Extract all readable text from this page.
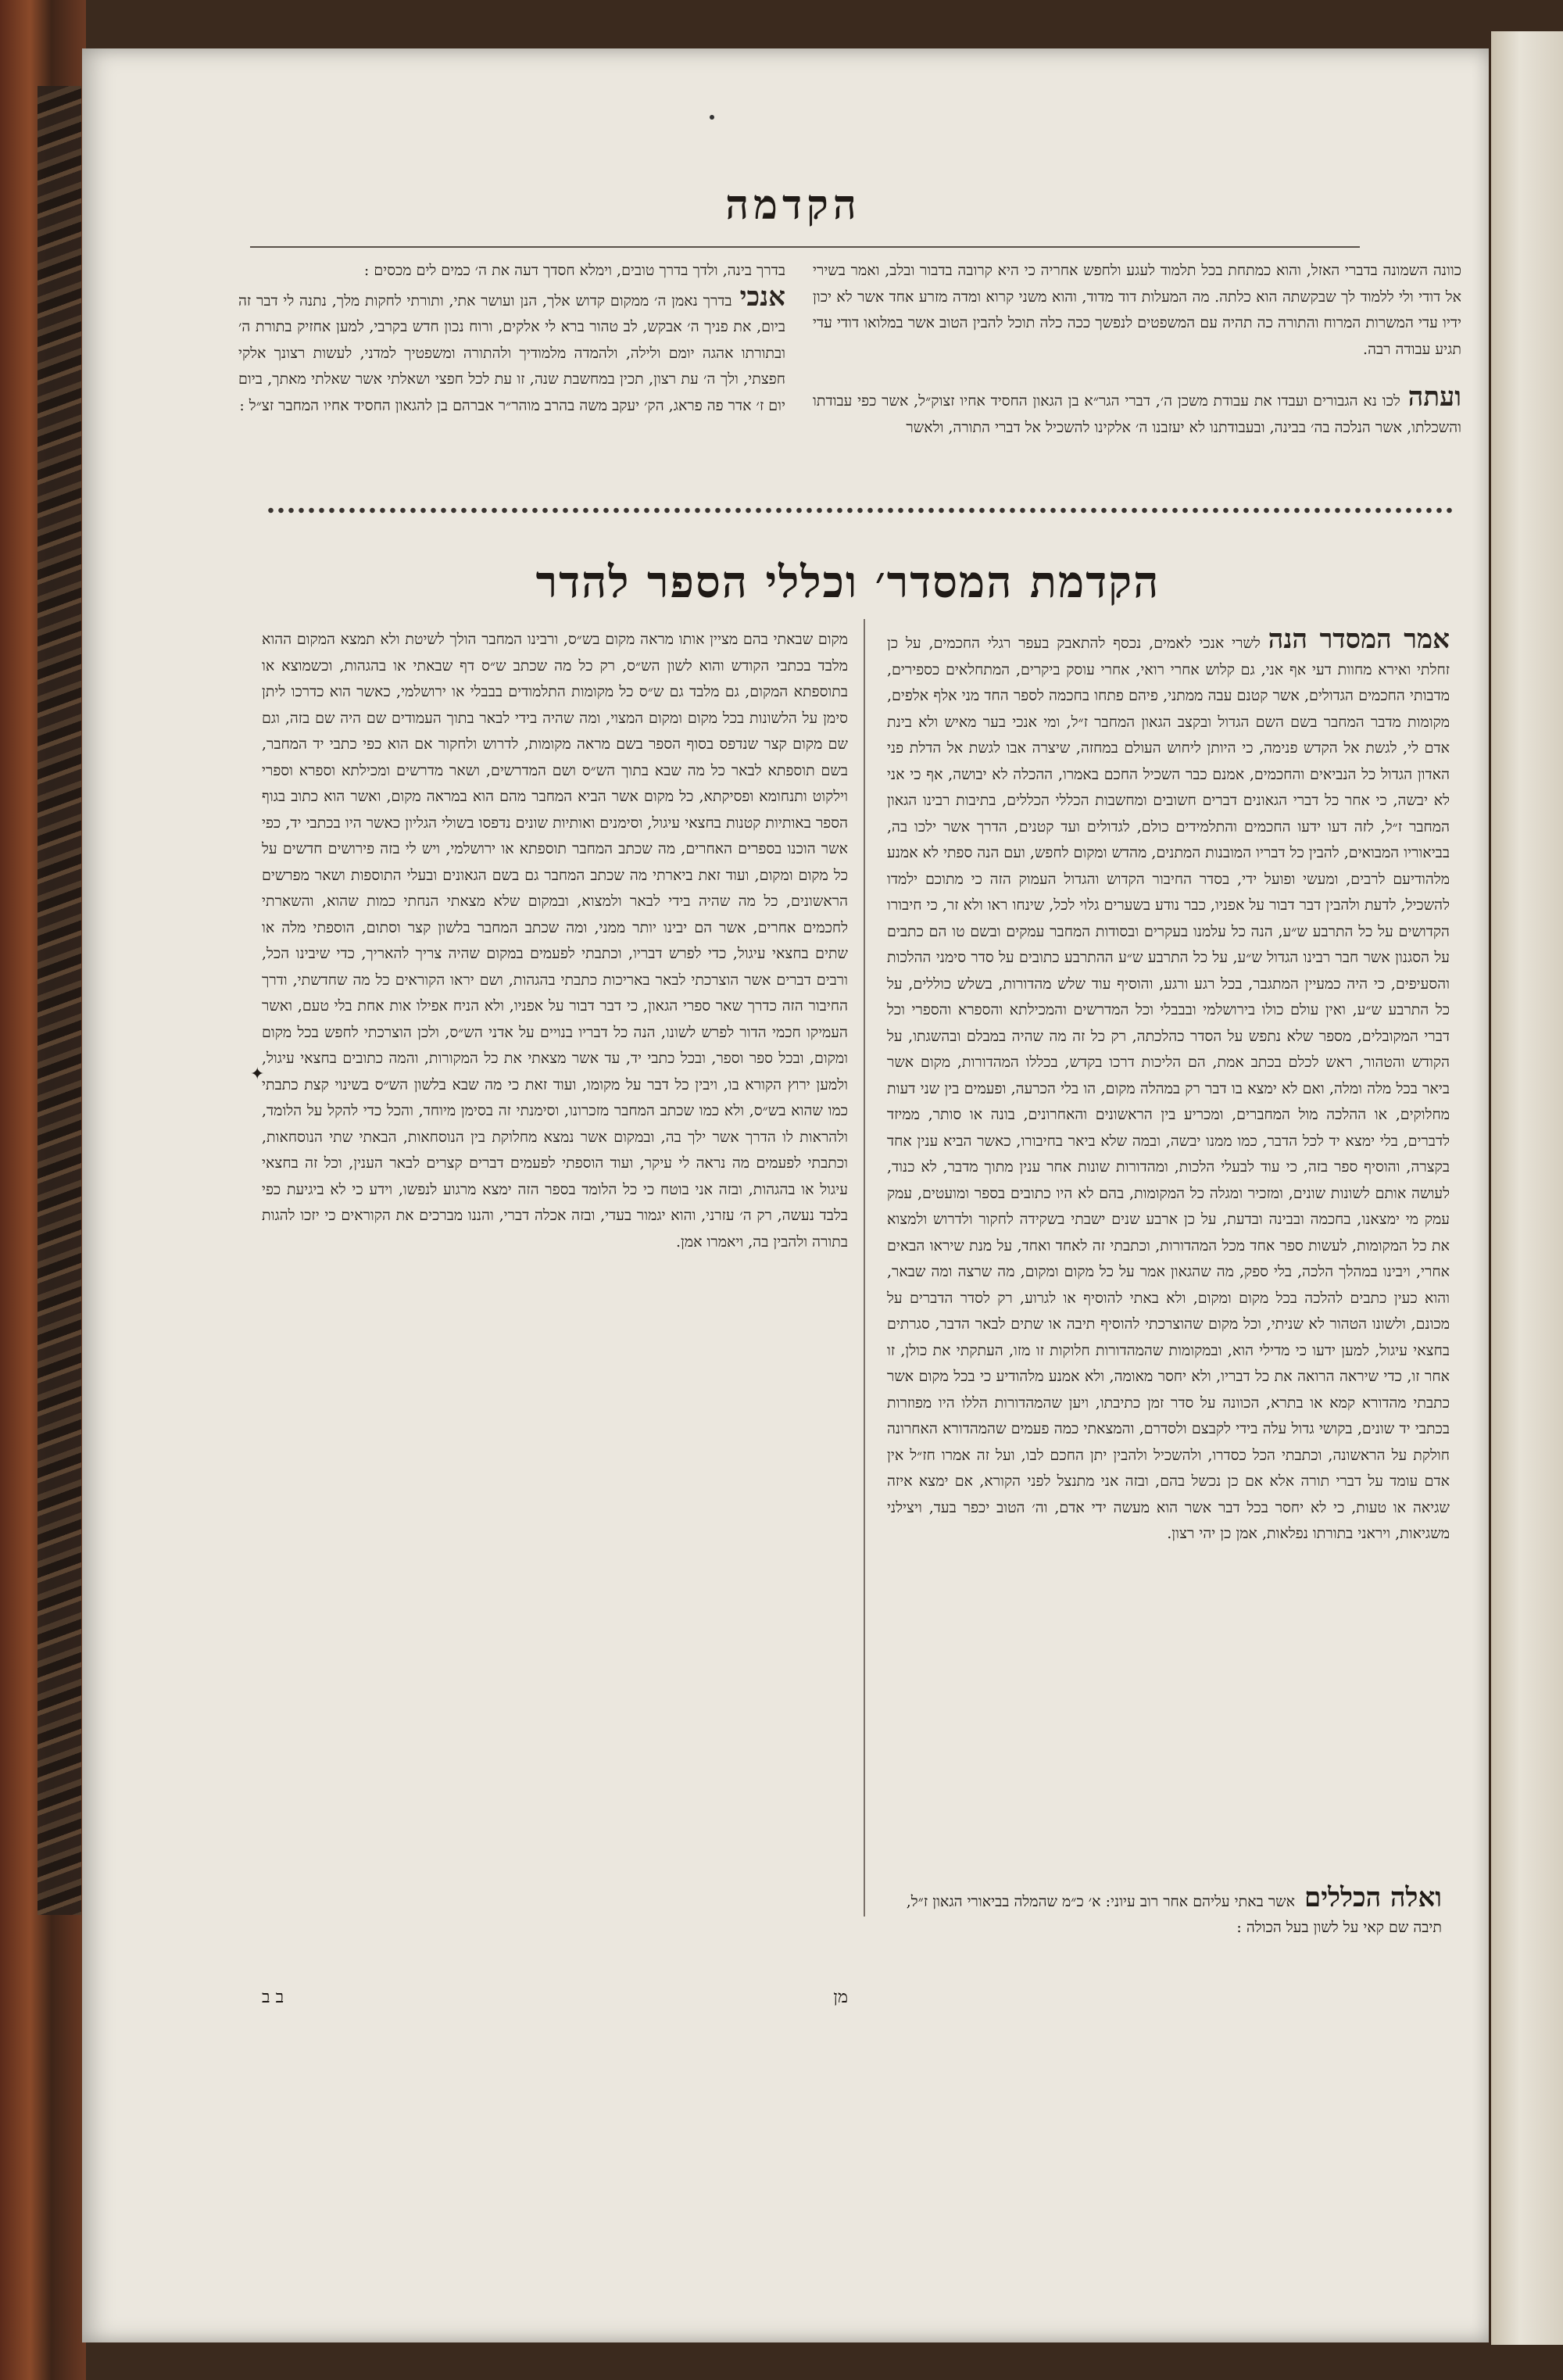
הקדמה

כוונה השמונה בדברי האזל, והוא כמתחת בכל תלמוד לעגע ולחפש אחריה כי היא קרובה בדבור ובלב, ואמר בשירי אל דודי ולי ללמוד לך שבקשתה הוא כלתה. מה המעלות דוד מדוד, והוא משני קרוא ומדה מזרע אחד אשר לא יכון ידיו עדי המשרות המרוח והתורה כה תהיה עם המשפטים לנפשך ככה כלה תוכל להבין הטוב אשר במלואו דודי עדי תגיע עבודה רבה.

ועתהלכו נא הגבורים ועבדו את עבודת משכן ה׳, דברי הגר״א בן הגאון החסיד אחיו זצוק״ל, אשר כפי עבודתו והשכלתו, אשר הנלכה בה׳ בבינה, ובעבודתנו לא יעזבנו ה׳ אלקינו להשכיל אל דברי התורה, ולאשר

בדרך בינה, ולדך בדרך טובים, וימלא חסדך דעה את ה׳ כמים לים מכסים :

אנכיבדרך נאמן ה׳ ממקום קדוש אלך, הנן ועושר אתי, ותורתי לחקות מלך, נתנה לי דבר זה ביום, את פניך ה׳ אבקש, לב טהור ברא לי אלקים, ורוח נכון חדש בקרבי, למען אחזיק בתורת ה׳ ובתורתו אהגה יומם ולילה, ולהמדה מלמודיך ולהתורה ומשפטיך למדני, לעשות רצונך אלקי חפצתי, ולך ה׳ עת רצון, תכין במחשבת שנה, זו עת לכל חפצי ושאלתי אשר שאלתי מאתך, ביום יום ז׳ אדר פה פראג, הק׳ יעקב משה בהרב מוהר״ר אברהם בן להגאון החסיד אחיו המחבר זצ״ל :

הקדמת המסדר׳ וכללי הספר להדר

אמר המסדר הנהלשרי אנכי לאמים, נכסף להתאבק בעפר רגלי החכמים, על כן זחלתי ואירא מחוות דעי אף אני, גם קלוש אחרי רואי, אחרי עוסק ביקרים, המתחלאים כספירים, מדבותי החכמים הגדולים, אשר קטנם עבה ממתני, פיהם פתחו בחכמה לספר החד מני אלף אלפים, מקומות מדבר המחבר בשם השם הגדול ובקצב הגאון המחבר ז״ל, ומי אנכי בער מאיש ולא בינת אדם לי, לגשת אל הקדש פנימה, כי היותן ליחוש העולם במחזה, שיצרה אבו לגשת אל הדלת פני האדון הגדול כל הנביאים והחכמים, אמנם כבר השכיל החכם באמרו, ההכלה לא יבושה, אף כי אני לא יבשה, כי אחר כל דברי הגאונים דברים חשובים ומחשבות הכללי הכללים, בתיבות רבינו הגאון המחבר ז״ל, לזה דעו ידעו החכמים והתלמידים כולם, לגדולים ועד קטנים, הדרך אשר ילכו בה, בביאוריו המבואים, להבין כל דבריו המובנות המתנים, מהדש ומקום לחפש, ועם הנה ספתי לא אמנע מלהודיעם לרבים, ומעשי ופועל ידי, בסדר החיבור הקדוש והגדול העמוק הזה כי מתוכם ילמדו להשכיל, לדעת ולהבין דבר דבור על אפניו, כבר נודע בשערים גלוי לכל, שינחו ראו ולא זר, כי חיבורו הקדושים על כל התרבע ש״ע, הנה כל עלמנו בעקרים ובסודות המחבר עמקים ובשם טו הם כתבים על הסגנון אשר חבר רבינו הגדול ש״ע, על כל התרבע ש״ע ההתרבע כתובים על סדר סימני ההלכות והסעיפים, כי היה כמעיין המתגבר, בכל רגע ורגע, והוסיף עוד שלש מהדורות, בשלש כוללים, על כל התרבע ש״ע, ואין עולם כולו בירושלמי ובבבלי וכל המדרשים והמכילתא והספרא והספרי וכל דברי המקובלים, מספר שלא נתפש על הסדר כהלכתה, רק כל זה מה שהיה במבלם ובהשגתו, על הקודש והטהור, ראש לכלם בכתב אמת, הם הליכות דרכו בקדש, בכללו המהדורות, מקום אשר ביאר בכל מלה ומלה, ואם לא ימצא בו דבר רק במהלה מקום, הו בלי הכרעה, ופעמים בין שני דעות מחלוקים, או ההלכה מול המחברים, ומכריע בין הראשונים והאחרונים, בונה או סותר, ממיזד לדברים, בלי ימצא יד לכל הדבר, כמו ממנו יבשה, ובמה שלא ביאר בחיבורו, כאשר הביא ענין אחד בקצרה, והוסיף ספר בזה, כי עוד לבעלי הלכות, ומהדורות שונות אחר ענין מתוך מדבר, לא כנוד, לעושה אותם לשונות שונים, ומזכיר ומגלה כל המקומות, בהם לא היו כתובים בספר ומועטים, עמק עמק מי ימצאנו, בחכמה ובבינה ובדעת, על כן ארבע שנים ישבתי בשקידה לחקור ולדרוש ולמצוא את כל המקומות, לעשות ספר אחד מכל המהדורות, וכתבתי זה לאחד ואחד, על מנת שיראו הבאים אחרי, ויבינו במהלך הלכה, בלי ספק, מה שהגאון אמר על כל מקום ומקום, מה שרצה ומה שבאר, והוא כעין כתבים להלכה בכל מקום ומקום, ולא באתי להוסיף או לגרוע, רק לסדר הדברים על מכונם, ולשונו הטהור לא שניתי, וכל מקום שהוצרכתי להוסיף תיבה או שתים לבאר הדבר, סגרתים בחצאי עיגול, למען ידעו כי מדילי הוא, ובמקומות שהמהדורות חלוקות זו מזו, העתקתי את כולן, זו אחר זו, כדי שיראה הרואה את כל דבריו, ולא יחסר מאומה, ולא אמנע מלהודיע כי בכל מקום אשר כתבתי מהדורא קמא או בתרא, הכוונה על סדר זמן כתיבתו, ויען שהמהדורות הללו היו מפוזרות בכתבי יד שונים, בקושי גדול עלה בידי לקבצם ולסדרם, והמצאתי כמה פעמים שהמהדורא האחרונה חולקת על הראשונה, וכתבתי הכל כסדרו, ולהשכיל ולהבין יתן החכם לבו, ועל זה אמרו חז״ל אין אדם עומד על דברי תורה אלא אם כן נכשל בהם, ובזה אני מתנצל לפני הקורא, אם ימצא איזה שגיאה או טעות, כי לא יחסר בכל דבר אשר הוא מעשה ידי אדם, וה׳ הטוב יכפר בעד, ויצילני משגיאות, ויראני בתורתו נפלאות, אמן כן יהי רצון.

מקום שבאתי בהם מציין אותו מראה מקום בש״ס, ורבינו המחבר הולך לשיטת ולא תמצא המקום ההוא מלבד בכתבי הקודש והוא לשון הש״ס, רק כל מה שכתב ש״ס דף שבאתי או בהגהות, וכשמוצא או בתוספתא המקום, גם מלבד גם ש״ס כל מקומות התלמודים בבבלי או ירושלמי, כאשר הוא כדרכו ליתן סימן על הלשונות בכל מקום ומקום המצוי, ומה שהיה בידי לבאר בתוך העמודים שם היה שם בזה, וגם שם מקום קצר שנדפס בסוף הספר בשם מראה מקומות, לדרוש ולחקור אם הוא כפי כתבי יד המחבר, בשם תוספתא לבאר כל מה שבא בתוך הש״ס ושם המדרשים, ושאר מדרשים ומכילתא וספרא וספרי וילקוט ותנחומא ופסיקתא, כל מקום אשר הביא המחבר מהם הוא במראה מקום, ואשר הוא כתוב בגוף הספר באותיות קטנות בחצאי עיגול, וסימנים ואותיות שונים נדפסו בשולי הגליון כאשר היו בכתבי יד, כפי אשר הוכנו בספרים האחרים, מה שכתב המחבר תוספתא או ירושלמי, ויש לי בזה פירושים חדשים על כל מקום ומקום, ועוד זאת ביארתי מה שכתב המחבר גם בשם הגאונים ובעלי התוספות ושאר מפרשים הראשונים, כל מה שהיה בידי לבאר ולמצוא, ובמקום שלא מצאתי הנחתי כמות שהוא, והשארתי לחכמים אחרים, אשר הם יבינו יותר ממני, ומה שכתב המחבר בלשון קצר וסתום, הוספתי מלה או שתים בחצאי עיגול, כדי לפרש דבריו, וכתבתי לפעמים במקום שהיה צריך להאריך, כדי שיבינו הכל, ורבים דברים אשר הוצרכתי לבאר באריכות כתבתי בהגהות, ושם יראו הקוראים כל מה שחדשתי, ודרך החיבור הזה כדרך שאר ספרי הגאון, כי דבר דבור על אפניו, ולא הניח אפילו אות אחת בלי טעם, ואשר העמיקו חכמי הדור לפרש לשונו, הנה כל דבריו בנויים על אדני הש״ס, ולכן הוצרכתי לחפש בכל מקום ומקום, ובכל ספר וספר, ובכל כתבי יד, עד אשר מצאתי את כל המקורות, והמה כתובים בחצאי עיגול, ולמען ירוץ הקורא בו, ויבין כל דבר על מקומו, ועוד זאת כי מה שבא בלשון הש״ס בשינוי קצת כתבתי כמו שהוא בש״ס, ולא כמו שכתב המחבר מזכרונו, וסימנתי זה בסימן מיוחד, והכל כדי להקל על הלומד, ולהראות לו הדרך אשר ילך בה, ובמקום אשר נמצא מחלוקת בין הנוסחאות, הבאתי שתי הנוסחאות, וכתבתי לפעמים מה נראה לי עיקר, ועוד הוספתי לפעמים דברים קצרים לבאר הענין, וכל זה בחצאי עיגול או בהגהות, ובזה אני בוטח כי כל הלומד בספר הזה ימצא מרגוע לנפשו, וידע כי לא ביגיעת כפי בלבד נעשה, רק ה׳ עזרני, והוא יגמור בעדי, ובזה אכלה דברי, והננו מברכים את הקוראים כי יזכו להגות בתורה ולהבין בה, ויאמרו אמן.

✦
ואלה הכלליםאשר באתי עליהם אחר רוב עיוני: א׳ כ״מ שהמלה בביאורי הגאון ז״ל, תיבה שם קאי על לשון בעל הכולה :
מן
ב ב
